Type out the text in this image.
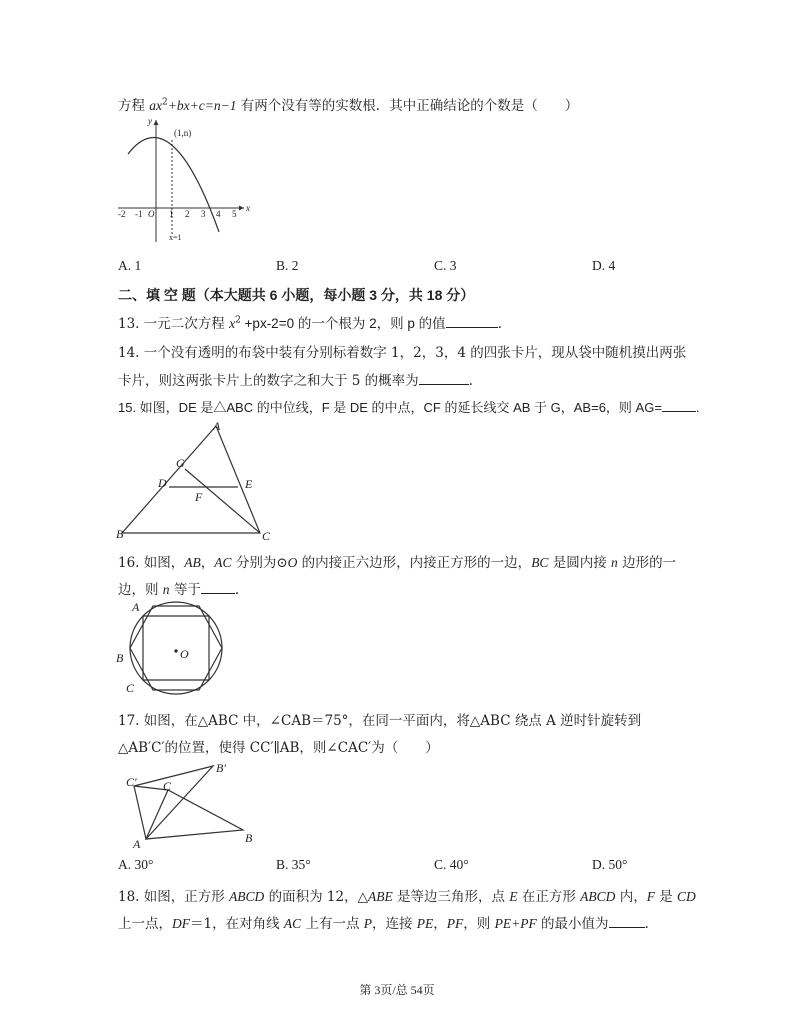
方程 $ax^2+bx+c=n-1$ 有两个没有等的实数根．其中正确结论的个数是（　　）
x
y
(1,n)
-2 -1 O 1 2 3 4 5
x=1
A. 1	B. 2	C. 3	D. 4
二、填 空 题（本大题共 6 小题，每小题 3 分，共 18 分）
13. 一元二次方程 $x^2 +px-2=0$ 的一个根为 2，则 p 的值	.
14. 一个没有透明的布袋中装有分别标着数字 1，2，3，4 的四张卡片，现从袋中随机摸出两张
卡片，则这两张卡片上的数字之和大于 5 的概率为	.
15. 如图，DE 是△ABC 的中位线，F 是 DE 的中点，CF 的延长线交 AB 于 G，AB=6，则 AG=	.
A
B	C
D	E
F
G
16. 如图，AB，AC 分别为⊙O 的内接正六边形，内接正方形的一边，BC 是圆内接 n 边形的一
边，则 n 等于	.
O
A
B
C
17. 如图，在△ABC 中，∠CAB＝75°，在同一平面内，将△ABC 绕点 A 逆时针旋转到
△AB′C′的位置，使得 CC′∥AB，则∠CAC′为（　　）
C′ C
B′
B
A
A. 30°	B. 35°	C. 40°	D. 50°
18. 如图，正方形 ABCD 的面积为 12，△ABE 是等边三角形，点 E 在正方形 ABCD 内，F 是 CD
上一点，DF＝1，在对角线 AC 上有一点 P，连接 PE，PF，则 PE+PF 的最小值为	.
第 3页/总 54页
